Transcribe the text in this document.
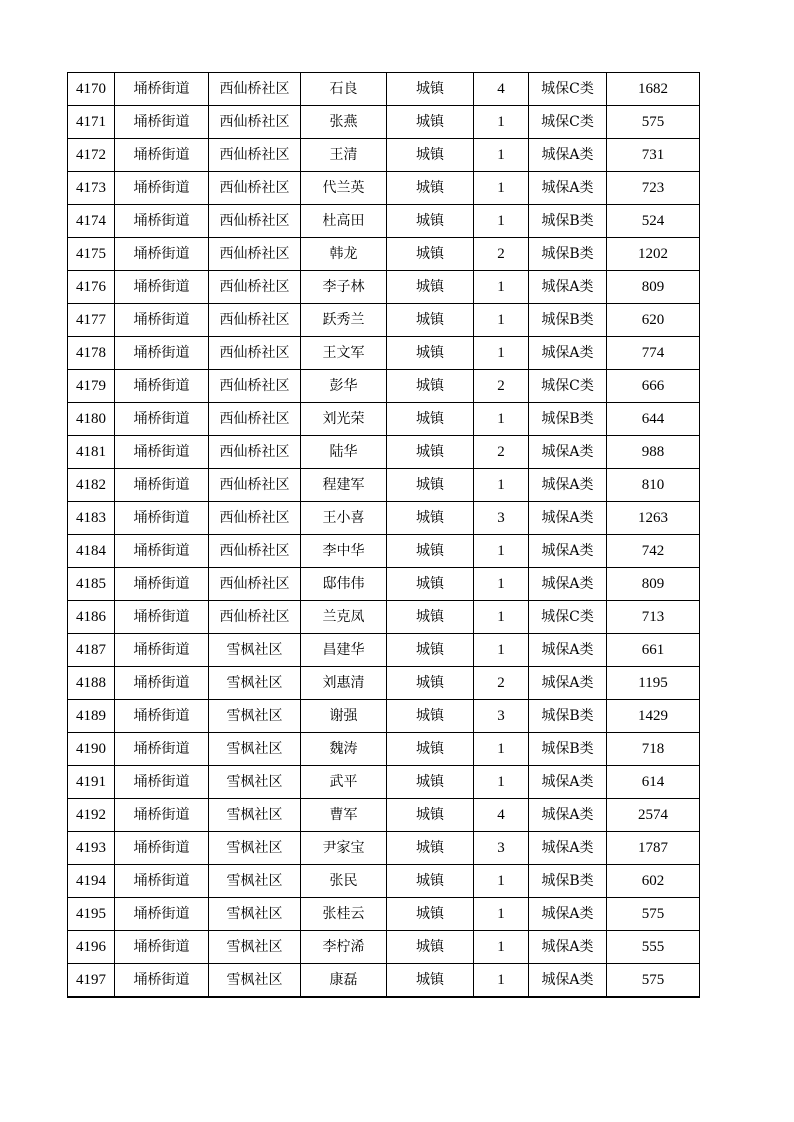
4170	埇桥街道	西仙桥社区	石良	城镇	4	城保C类	1682
4171	埇桥街道	西仙桥社区	张燕	城镇	1	城保C类	575
4172	埇桥街道	西仙桥社区	王清	城镇	1	城保A类	731
4173	埇桥街道	西仙桥社区	代兰英	城镇	1	城保A类	723
4174	埇桥街道	西仙桥社区	杜高田	城镇	1	城保B类	524
4175	埇桥街道	西仙桥社区	韩龙	城镇	2	城保B类	1202
4176	埇桥街道	西仙桥社区	李子林	城镇	1	城保A类	809
4177	埇桥街道	西仙桥社区	跃秀兰	城镇	1	城保B类	620
4178	埇桥街道	西仙桥社区	王文军	城镇	1	城保A类	774
4179	埇桥街道	西仙桥社区	彭华	城镇	2	城保C类	666
4180	埇桥街道	西仙桥社区	刘光荣	城镇	1	城保B类	644
4181	埇桥街道	西仙桥社区	陆华	城镇	2	城保A类	988
4182	埇桥街道	西仙桥社区	程建军	城镇	1	城保A类	810
4183	埇桥街道	西仙桥社区	王小喜	城镇	3	城保A类	1263
4184	埇桥街道	西仙桥社区	李中华	城镇	1	城保A类	742
4185	埇桥街道	西仙桥社区	邸伟伟	城镇	1	城保A类	809
4186	埇桥街道	西仙桥社区	兰克凤	城镇	1	城保C类	713
4187	埇桥街道	雪枫社区	昌建华	城镇	1	城保A类	661
4188	埇桥街道	雪枫社区	刘惠清	城镇	2	城保A类	1195
4189	埇桥街道	雪枫社区	谢强	城镇	3	城保B类	1429
4190	埇桥街道	雪枫社区	魏涛	城镇	1	城保B类	718
4191	埇桥街道	雪枫社区	武平	城镇	1	城保A类	614
4192	埇桥街道	雪枫社区	曹军	城镇	4	城保A类	2574
4193	埇桥街道	雪枫社区	尹家宝	城镇	3	城保A类	1787
4194	埇桥街道	雪枫社区	张民	城镇	1	城保B类	602
4195	埇桥街道	雪枫社区	张桂云	城镇	1	城保A类	575
4196	埇桥街道	雪枫社区	李柠浠	城镇	1	城保A类	555
4197	埇桥街道	雪枫社区	康磊	城镇	1	城保A类	575
